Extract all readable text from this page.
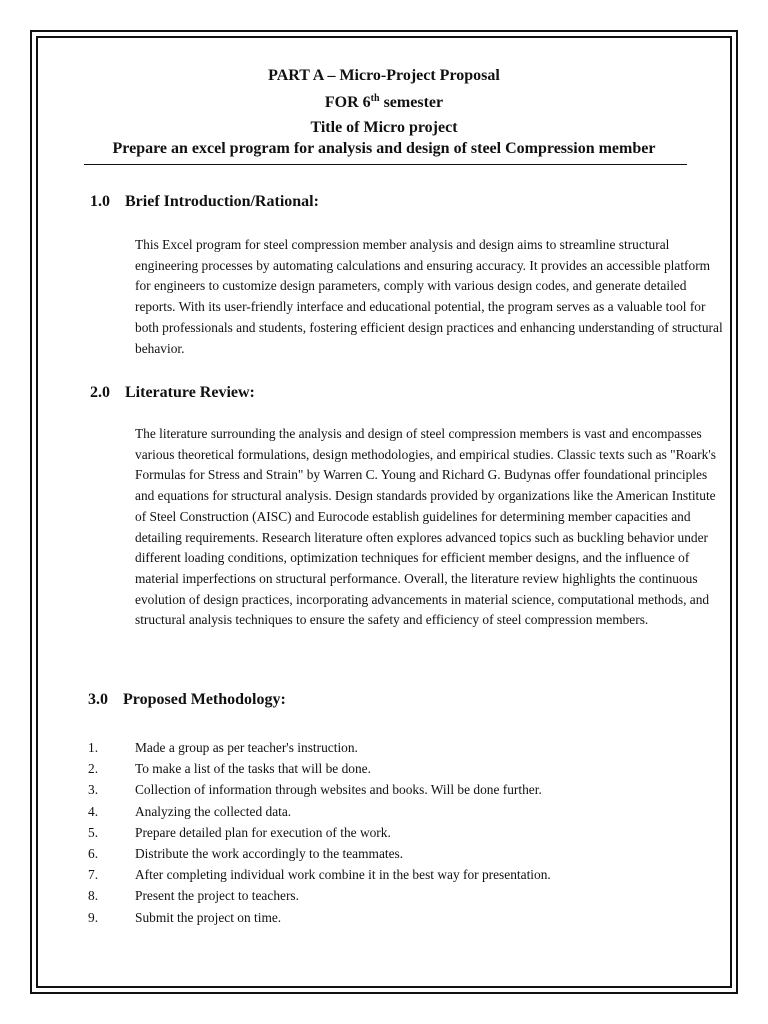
PART A – Micro-Project Proposal
FOR 6th semester
Title of Micro project
Prepare an excel program for analysis and design of steel Compression member
1.0 Brief Introduction/Rational:

This Excel program for steel compression member analysis and design aims to streamline structural engineering processes by automating calculations and ensuring accuracy. It provides an accessible platform for engineers to customize design parameters, comply with various design codes, and generate detailed reports. With its user-friendly interface and educational potential, the program serves as a valuable tool for both professionals and students, fostering efficient design practices and enhancing understanding of structural behavior.

2.0 Literature Review:

The literature surrounding the analysis and design of steel compression members is vast and encompasses various theoretical formulations, design methodologies, and empirical studies. Classic texts such as "Roark's Formulas for Stress and Strain" by Warren C. Young and Richard G. Budynas offer foundational principles and equations for structural analysis. Design standards provided by organizations like the American Institute of Steel Construction (AISC) and Eurocode establish guidelines for determining member capacities and detailing requirements. Research literature often explores advanced topics such as buckling behavior under different loading conditions, optimization techniques for efficient member designs, and the influence of material imperfections on structural performance. Overall, the literature review highlights the continuous evolution of design practices, incorporating advancements in material science, computational methods, and structural analysis techniques to ensure the safety and efficiency of steel compression members.

3.0 Proposed Methodology:
1.	Made a group as per teacher's instruction.
2.	To make a list of the tasks that will be done.
3.	Collection of information through websites and books. Will be done further.
4.	Analyzing the collected data.
5.	Prepare detailed plan for execution of the work.
6.	Distribute the work accordingly to the teammates.
7.	After completing individual work combine it in the best way for presentation.
8.	Present the project to teachers.
9.	Submit the project on time.
